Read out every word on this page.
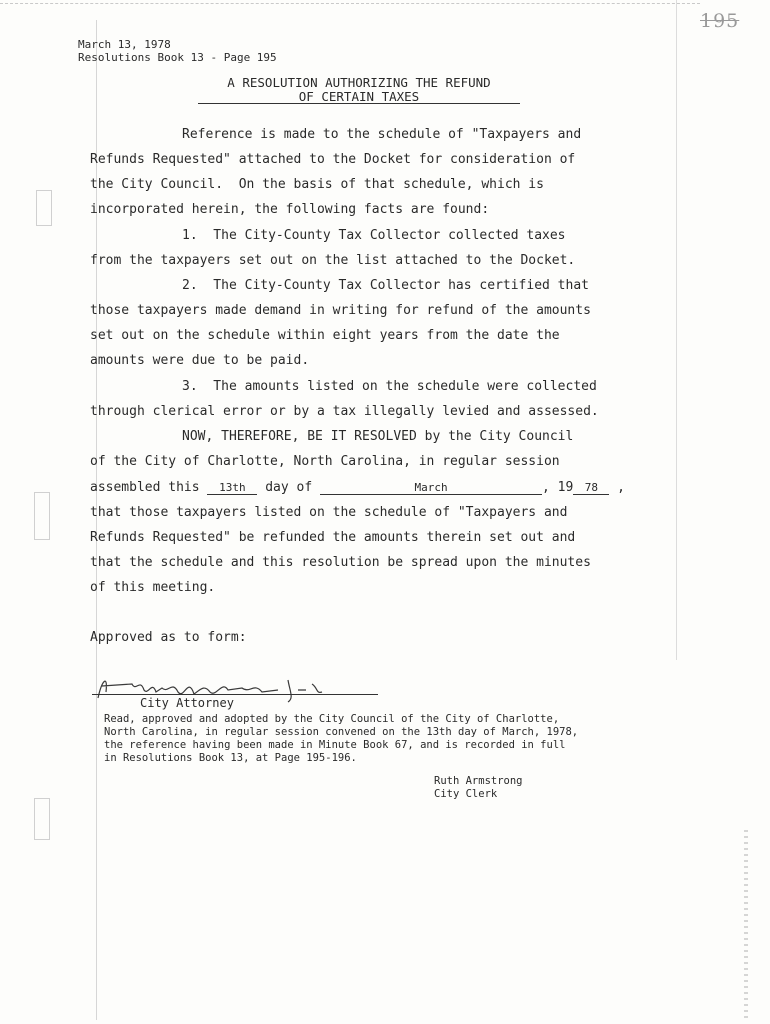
195
March 13, 1978
Resolutions Book 13 - Page 195
A RESOLUTION AUTHORIZING THE REFUND
OF CERTAIN TAXES
Reference is made to the schedule of "Taxpayers and
Refunds Requested" attached to the Docket for consideration of
the City Council.  On the basis of that schedule, which is
incorporated herein, the following facts are found:
1.  The City-County Tax Collector collected taxes
from the taxpayers set out on the list attached to the Docket.
2.  The City-County Tax Collector has certified that
those taxpayers made demand in writing for refund of the amounts
set out on the schedule within eight years from the date the
amounts were due to be paid.
3.  The amounts listed on the schedule were collected
through clerical error or by a tax illegally levied and assessed.
NOW, THEREFORE, BE IT RESOLVED by the City Council
of the City of Charlotte, North Carolina, in regular session
assembled this 13th day of	March	, 19 78 ,
that those taxpayers listed on the schedule of "Taxpayers and
Refunds Requested" be refunded the amounts therein set out and
that the schedule and this resolution be spread upon the minutes
of this meeting.
Approved as to form:
City Attorney
Read, approved and adopted by the City Council of the City of Charlotte,
North Carolina, in regular session convened on the 13th day of March, 1978,
the reference having been made in Minute Book 67, and is recorded in full
in Resolutions Book 13, at Page 195-196.
Ruth Armstrong
City Clerk
